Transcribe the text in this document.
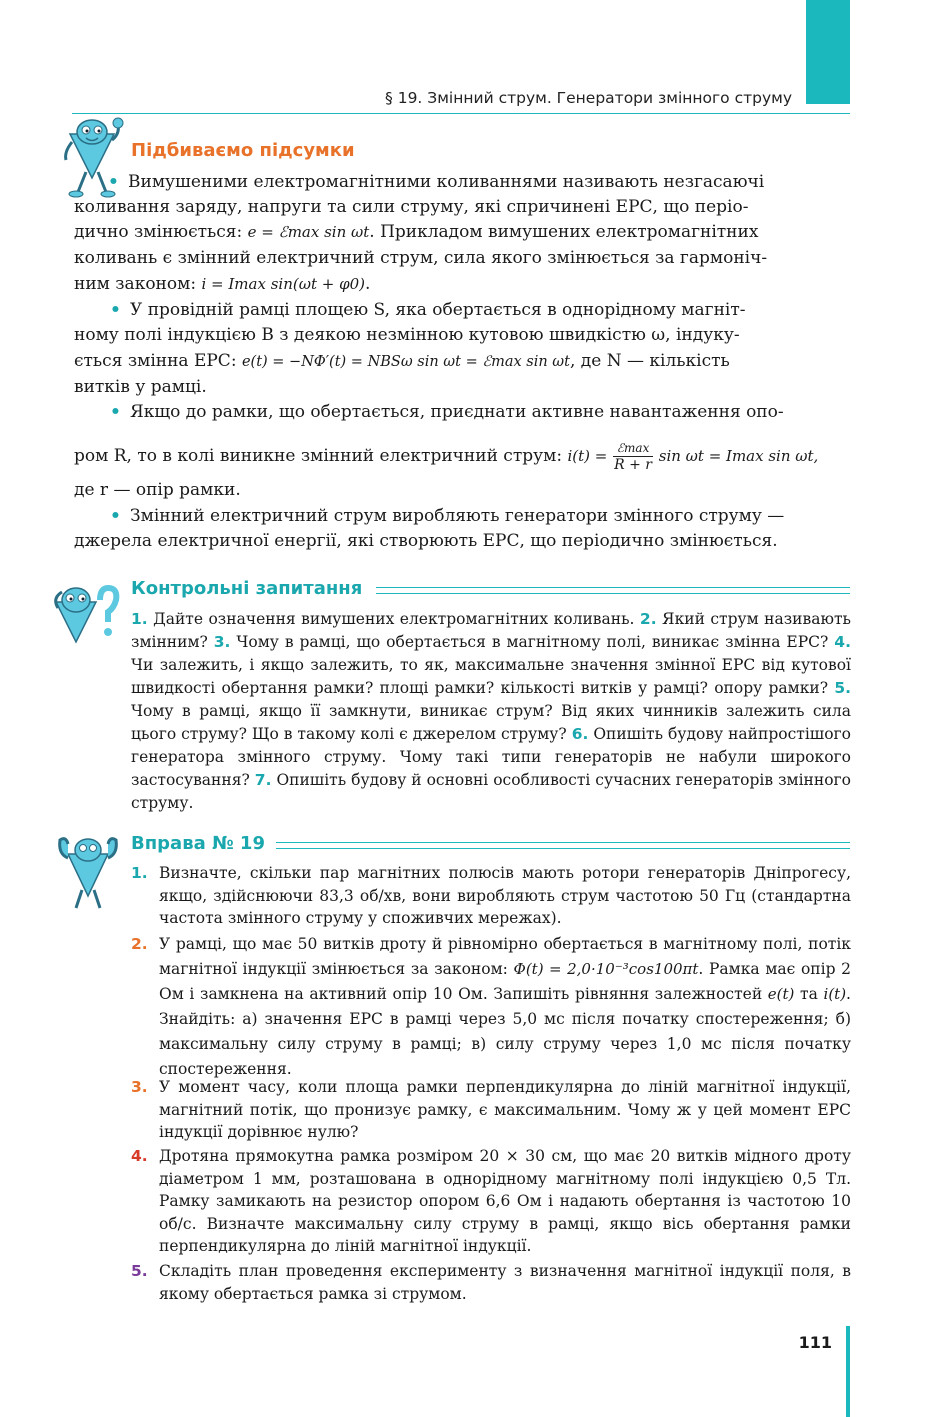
§ 19. Змінний струм. Генератори змінного струму
Підбиваємо підсумки
• Вимушеними електромагнітними коливаннями називають незгасаючі
коливання заряду, напруги та сили струму, які спричинені ЕРС, що періо-
дично змінюється: e = ℰmax sin ωt. Прикладом вимушених електромагнітних
коливань є змінний електричний струм, сила якого змінюється за гармоніч-
ним законом: i = Imax sin(ωt + φ0).
• У провідній рамці площею S, яка обертається в однорідному магніт-
ному полі індукцією B з деякою незмінною кутовою швидкістю ω, індуку-
ється змінна ЕРС: e(t) = −NΦ′(t) = NBSω sin ωt = ℰmax sin ωt, де N — кількість
витків у рамці.
• Якщо до рамки, що обертається, приєднати активне навантаження опо-
ром R, то в колі виникне змінний електричний струм: i(t) = ℰmax
R + r sin ωt = Imax sin ωt,
де r — опір рамки.
• Змінний електричний струм виробляють генератори змінного струму —
джерела електричної енергії, які створюють ЕРС, що періодично змінюється.
Контрольні запитання
1. Дайте означення вимушених електромагнітних коливань. 2. Який струм називають змінним? 3. Чому в рамці, що обертається в магнітному полі, виникає змінна ЕРС? 4. Чи залежить, і якщо залежить, то як, максимальне значення змінної ЕРС від кутової швидкості обертання рамки? площі рамки? кількості витків у рамці? опору рамки? 5. Чому в рамці, якщо її замкнути, виникає струм? Від яких чинників залежить сила цього струму? Що в такому колі є джерелом струму? 6. Опишіть будову найпростішого генератора змінного струму. Чому такі типи генераторів не набули широкого застосування? 7. Опишіть будову й основні особливості сучасних генераторів змінного струму.
Вправа № 19
1. Визначте, скільки пар магнітних полюсів мають ротори генераторів Дніпрогесу, якщо, здійснюючи 83,3 об/хв, вони виробляють струм частотою 50 Гц (стандартна частота змінного струму у споживчих мережах).
2. У рамці, що має 50 витків дроту й рівномірно обертається в магнітному полі, потік магнітної індукції змінюється за законом: Φ(t) = 2,0·10⁻³cos100πt. Рамка має опір 2 Ом і замкнена на активний опір 10 Ом. Запишіть рівняння залежностей e(t) та i(t). Знайдіть: а) значення ЕРС в рамці через 5,0 мс після початку спостереження; б) максимальну силу струму в рамці; в) силу струму через 1,0 мс після початку спостереження.
3. У момент часу, коли площа рамки перпендикулярна до ліній магнітної індукції, магнітний потік, що пронизує рамку, є максимальним. Чому ж у цей момент ЕРС індукції дорівнює нулю?
4. Дротяна прямокутна рамка розміром 20 × 30 см, що має 20 витків мідного дроту діаметром 1 мм, розташована в однорідному магнітному полі індукцією 0,5 Тл. Рамку замикають на резистор опором 6,6 Ом і надають обертання із частотою 10 об/с. Визначте максимальну силу струму в рамці, якщо вісь обертання рамки перпендикулярна до ліній магнітної індукції.
5. Складіть план проведення експерименту з визначення магнітної індукції поля, в якому обертається рамка зі струмом.
111
